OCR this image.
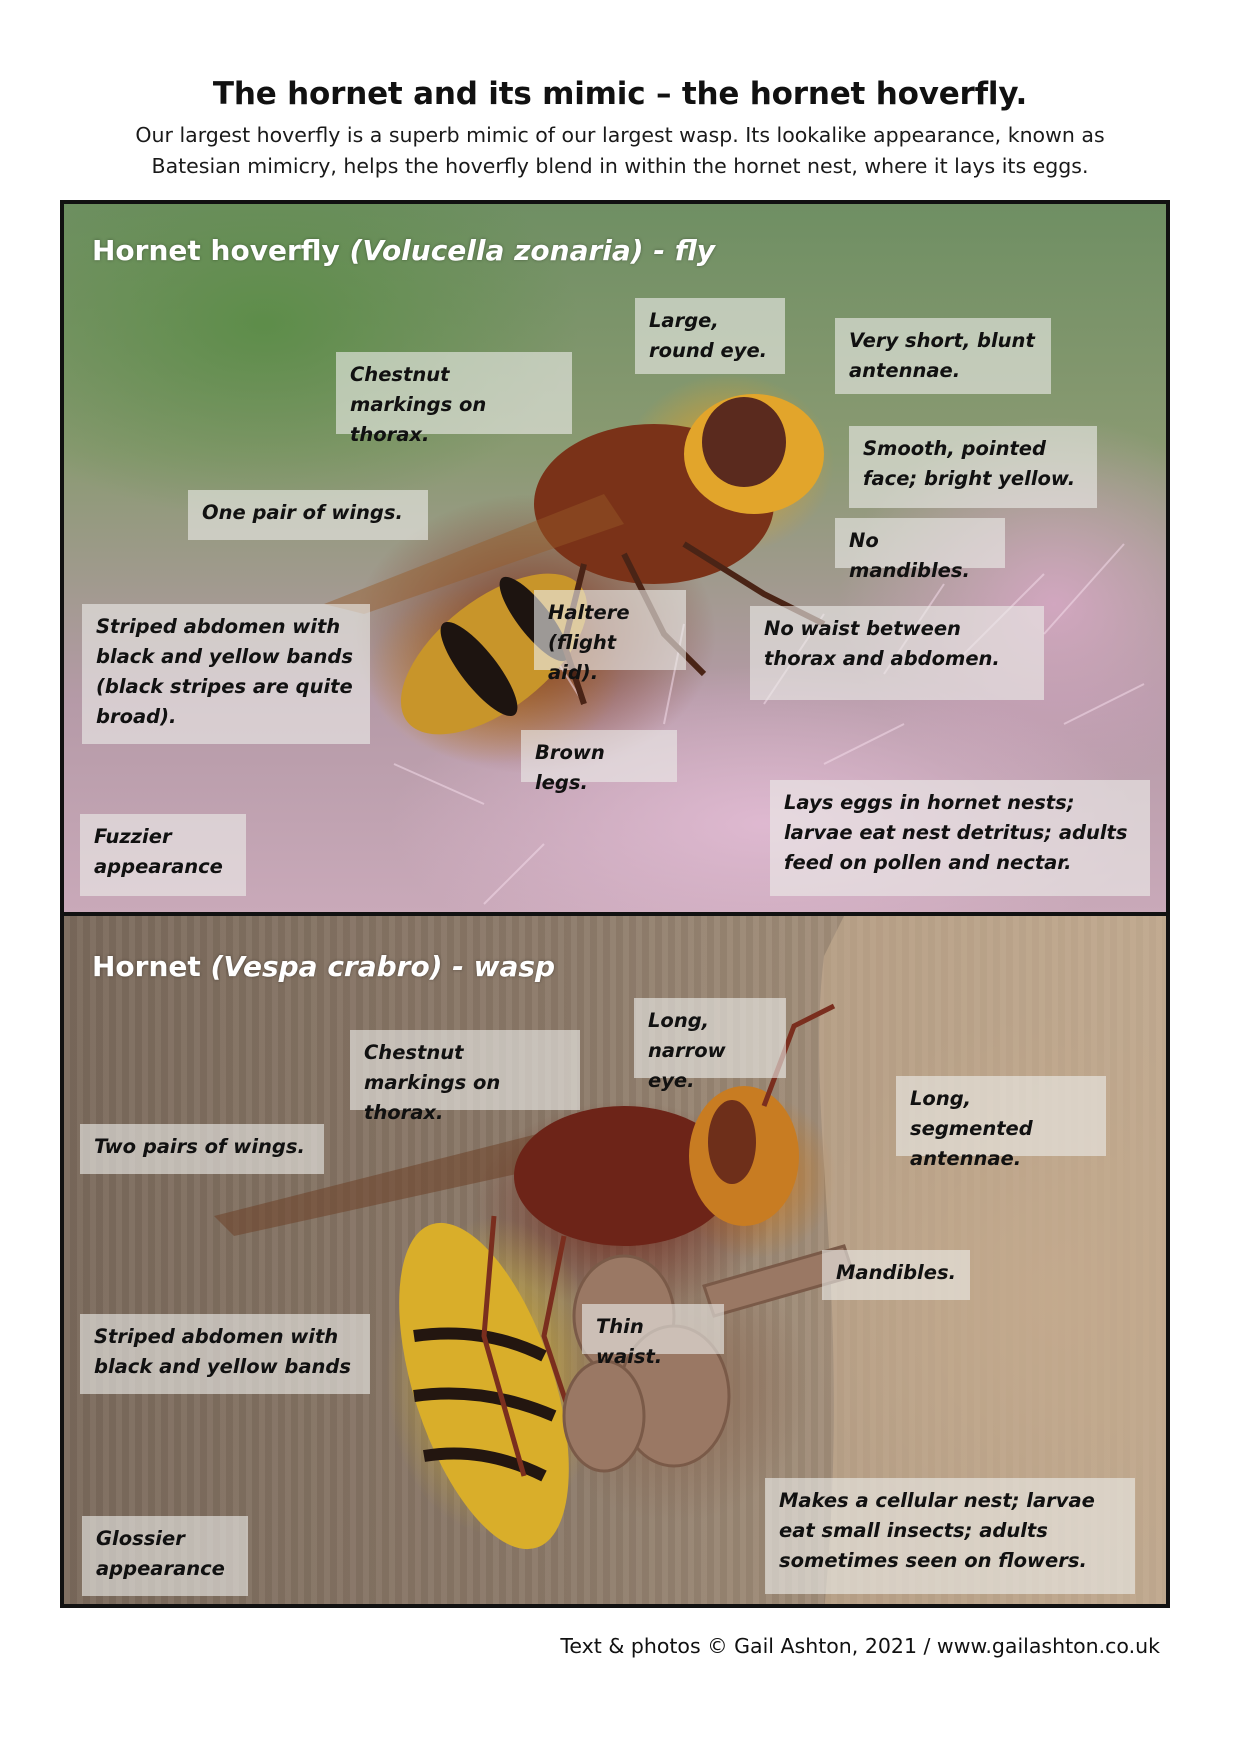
The hornet and its mimic – the hornet hoverfly.
Our largest hoverfly is a superb mimic of our largest wasp. Its lookalike appearance, known as Batesian mimicry, helps the hoverfly blend in within the hornet nest, where it lays its eggs.
Hornet hoverfly (Volucella zonaria) - fly
Large, round eye.	Very short, blunt antennae.
Chestnut markings on thorax.
Smooth, pointed face; bright yellow.
One pair of wings.
No mandibles.
Striped abdomen with black and yellow bands (black stripes are quite broad).
Haltere (flight aid).
No waist between thorax and abdomen.
Brown legs.
Fuzzier appearance
Lays eggs in hornet nests; larvae eat nest detritus; adults feed on pollen and nectar.
Hornet (Vespa crabro) - wasp
Long, narrow eye.
Chestnut markings on thorax.
Long, segmented antennae.
Two pairs of wings.
Mandibles.
Striped abdomen with black and yellow bands
Thin waist.
Glossier appearance
Makes a cellular nest; larvae eat small insects; adults sometimes seen on flowers.
Text & photos © Gail Ashton, 2021 / www.gailashton.co.uk
